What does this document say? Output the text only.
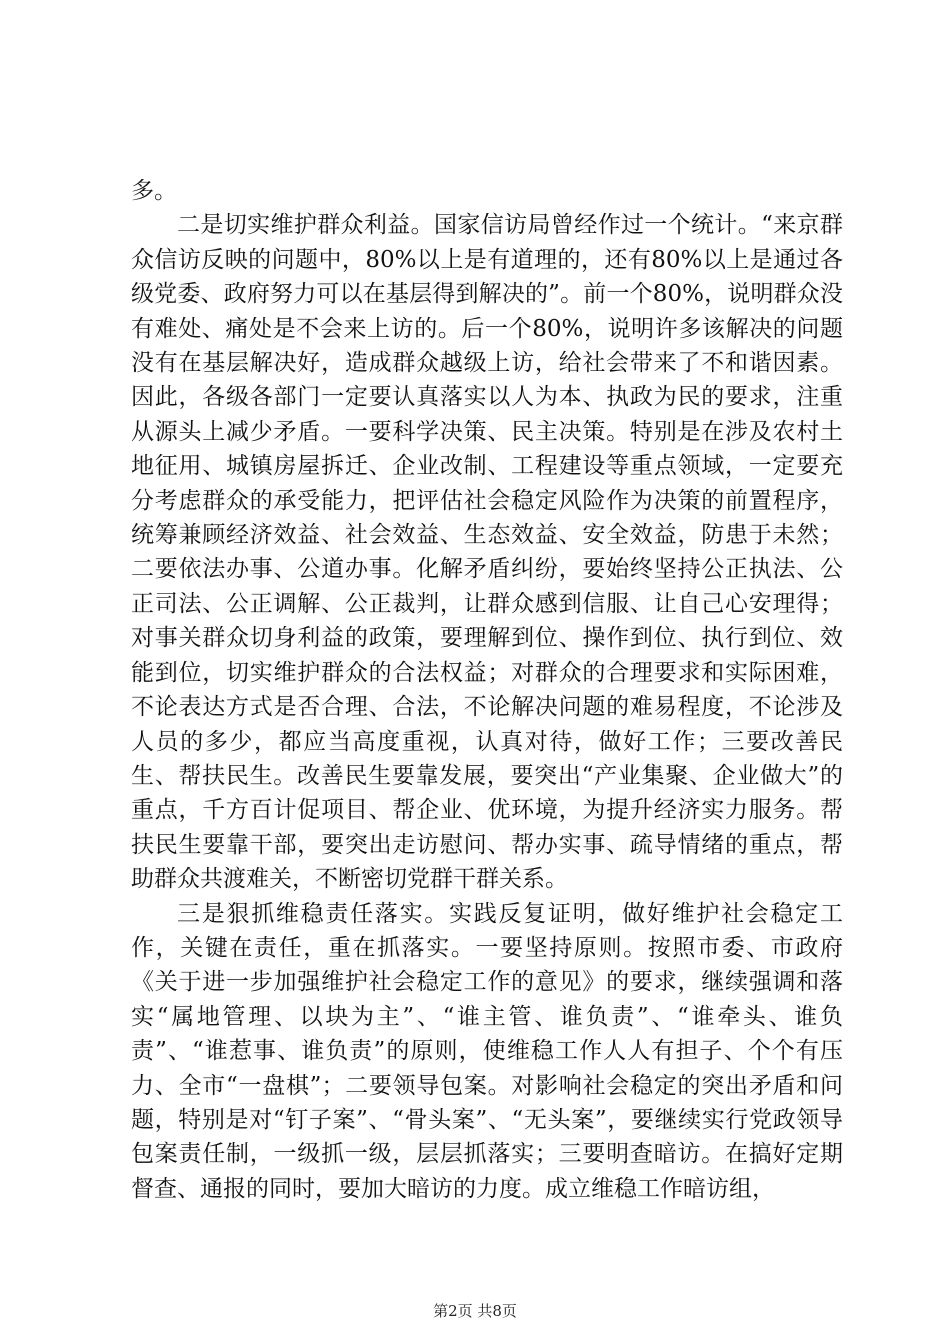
多。

二是切实维护群众利益。国家信访局曾经作过一个统计。“来京群众信访反映的问题中，80%以上是有道理的，还有80%以上是通过各级党委、政府努力可以在基层得到解决的”。前一个80%，说明群众没有难处、痛处是不会来上访的。后一个80%，说明许多该解决的问题没有在基层解决好，造成群众越级上访，给社会带来了不和谐因素。因此，各级各部门一定要认真落实以人为本、执政为民的要求，注重从源头上减少矛盾。一要科学决策、民主决策。特别是在涉及农村土地征用、城镇房屋拆迁、企业改制、工程建设等重点领域，一定要充分考虑群众的承受能力，把评估社会稳定风险作为决策的前置程序，统筹兼顾经济效益、社会效益、生态效益、安全效益，防患于未然；二要依法办事、公道办事。化解矛盾纠纷，要始终坚持公正执法、公正司法、公正调解、公正裁判，让群众感到信服、让自己心安理得；对事关群众切身利益的政策，要理解到位、操作到位、执行到位、效能到位，切实维护群众的合法权益；对群众的合理要求和实际困难，不论表达方式是否合理、合法，不论解决问题的难易程度，不论涉及人员的多少，都应当高度重视，认真对待，做好工作；三要改善民生、帮扶民生。改善民生要靠发展，要突出“产业集聚、企业做大”的重点，千方百计促项目、帮企业、优环境，为提升经济实力服务。帮扶民生要靠干部，要突出走访慰问、帮办实事、疏导情绪的重点，帮助群众共渡难关，不断密切党群干群关系。

三是狠抓维稳责任落实。实践反复证明，做好维护社会稳定工作，关键在责任，重在抓落实。一要坚持原则。按照市委、市政府《关于进一步加强维护社会稳定工作的意见》的要求，继续强调和落实“属地管理、以块为主”、“谁主管、谁负责”、“谁牵头、谁负责”、“谁惹事、谁负责”的原则，使维稳工作人人有担子、个个有压力、全市“一盘棋”；二要领导包案。对影响社会稳定的突出矛盾和问题，特别是对“钉子案”、“骨头案”、“无头案”，要继续实行党政领导包案责任制，一级抓一级，层层抓落实；三要明查暗访。在搞好定期督查、通报的同时，要加大暗访的力度。成立维稳工作暗访组，

第2页 共8页
